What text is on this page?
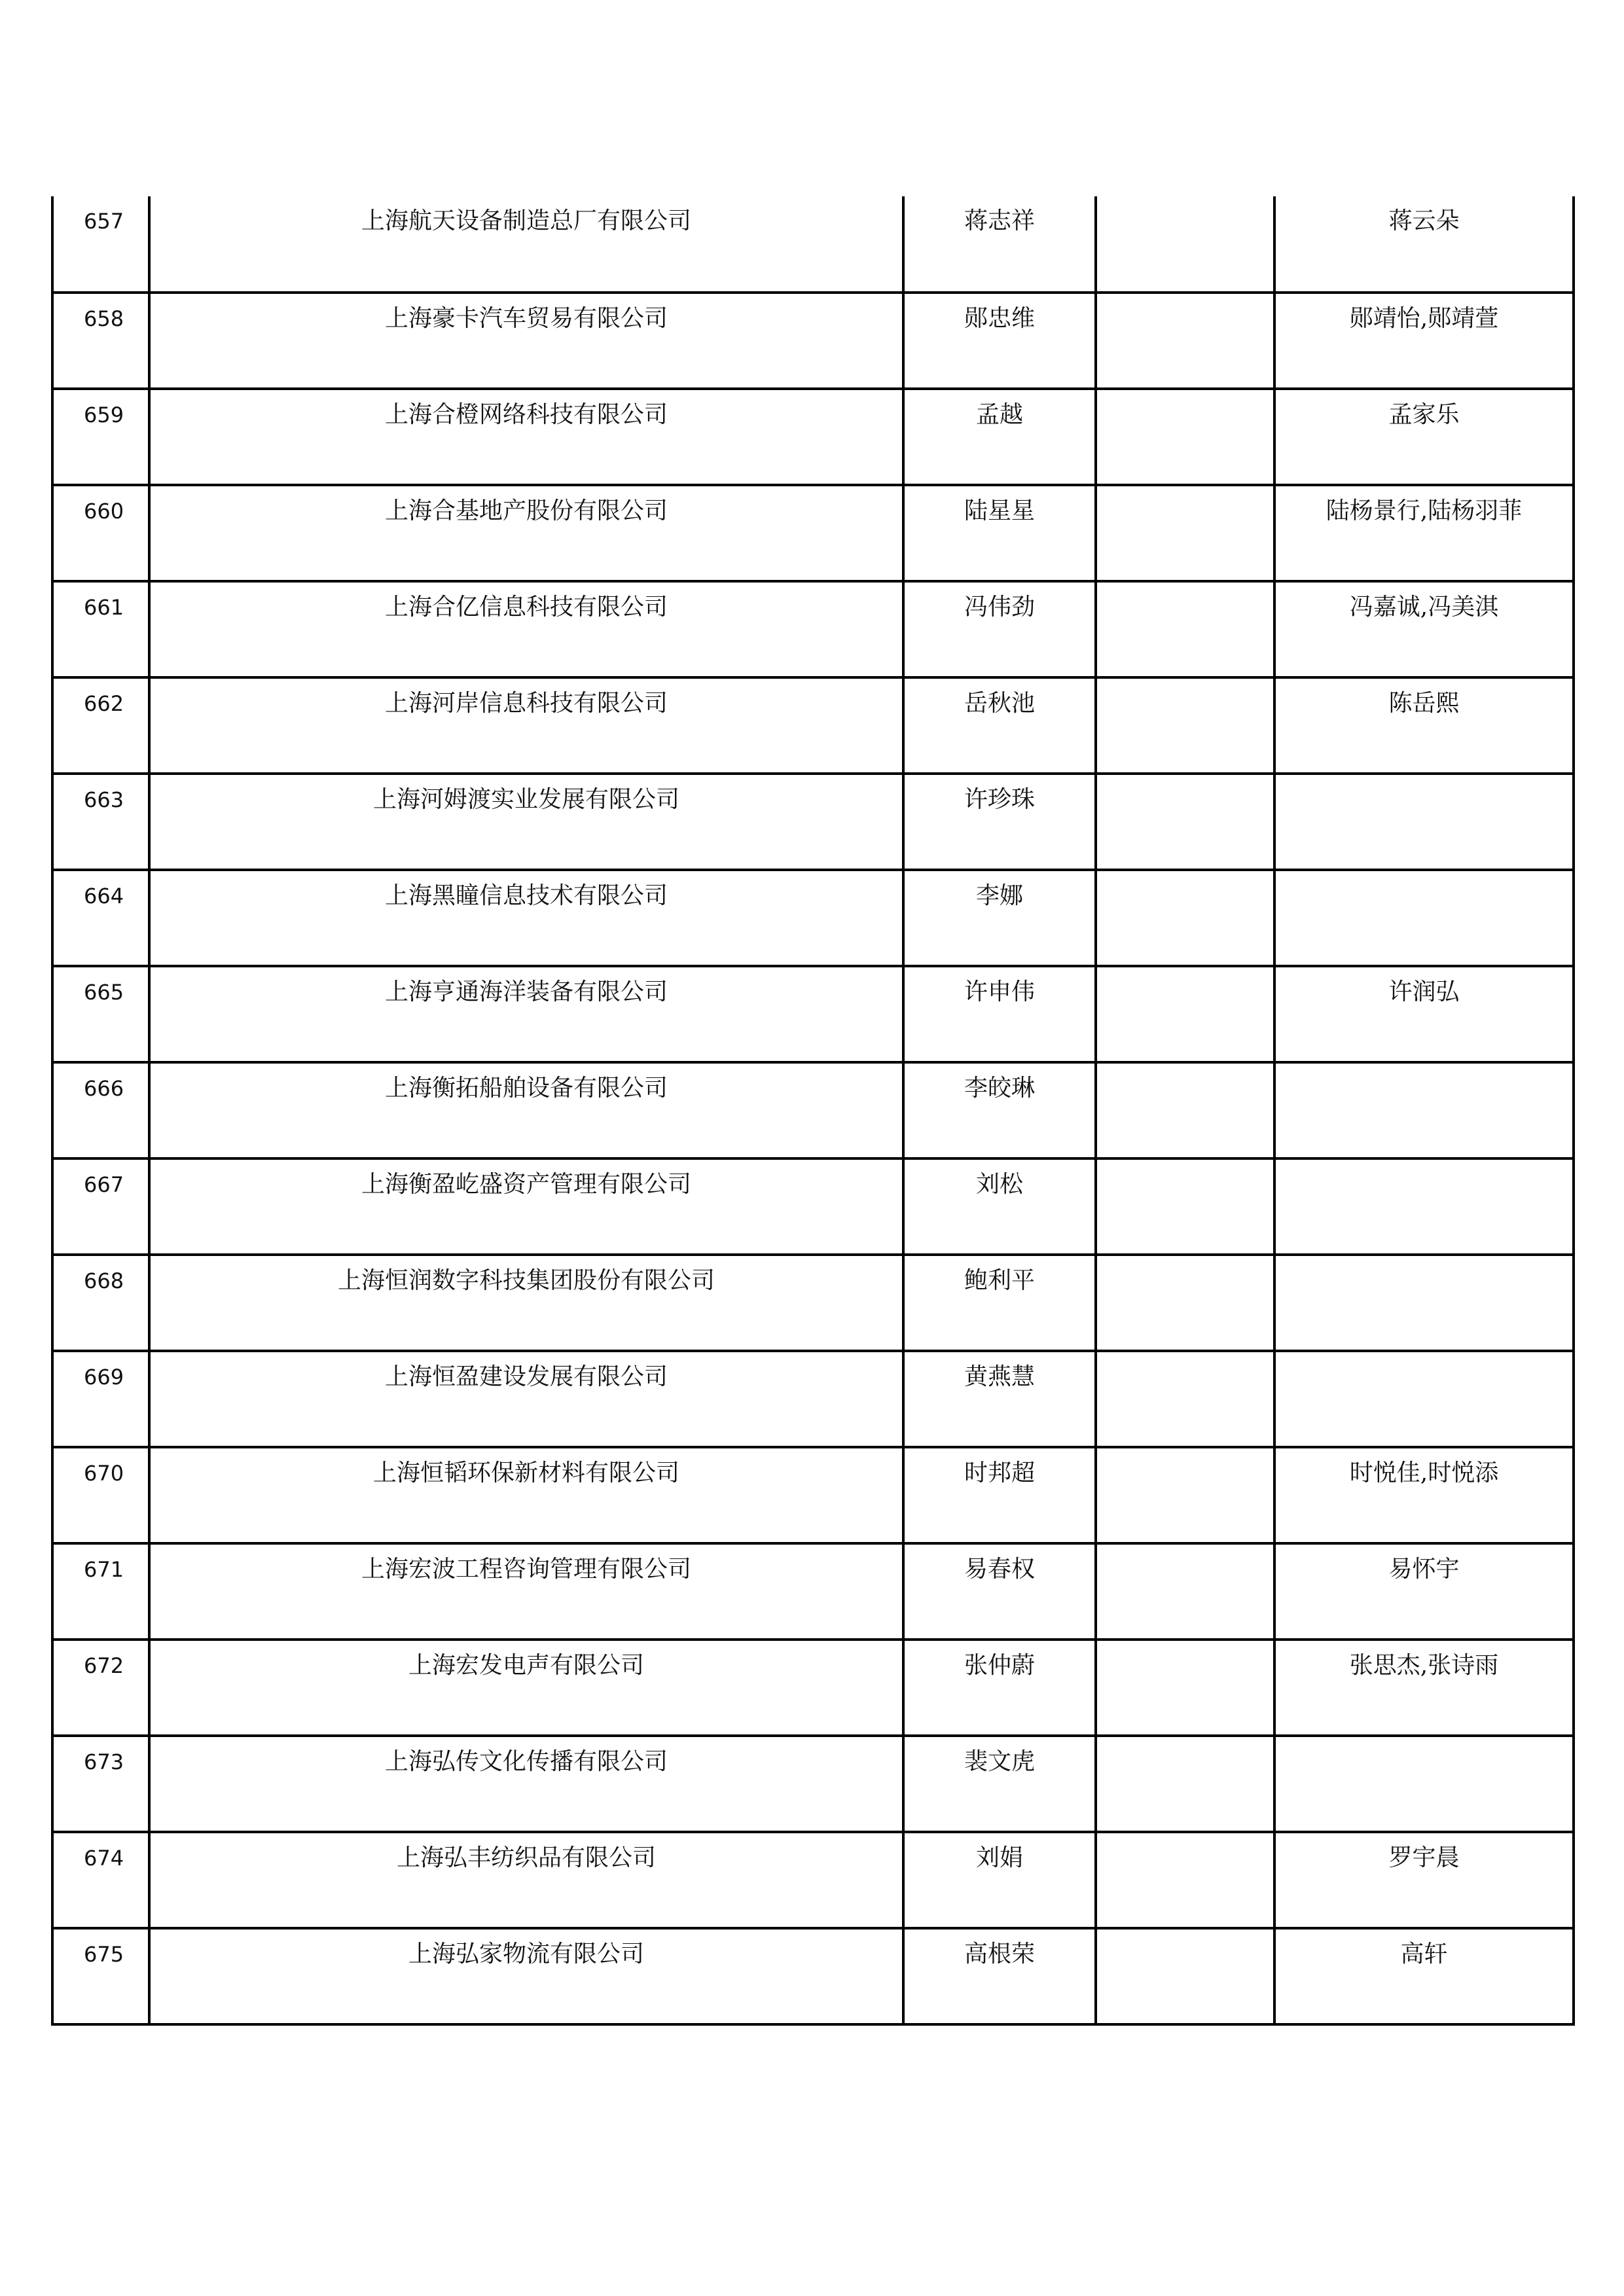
657	上海航天设备制造总厂有限公司	蒋志祥		蒋云朵
658	上海豪卡汽车贸易有限公司	郧忠维		郧靖怡,郧靖萱
659	上海合橙网络科技有限公司	孟越		孟家乐
660	上海合基地产股份有限公司	陆星星		陆杨景行,陆杨羽菲
661	上海合亿信息科技有限公司	冯伟劲		冯嘉诚,冯美淇
662	上海河岸信息科技有限公司	岳秋池		陈岳熙
663	上海河姆渡实业发展有限公司	许珍珠		
664	上海黑瞳信息技术有限公司	李娜		
665	上海亨通海洋装备有限公司	许申伟		许润弘
666	上海衡拓船舶设备有限公司	李皎琳		
667	上海衡盈屹盛资产管理有限公司	刘松		
668	上海恒润数字科技集团股份有限公司	鲍利平		
669	上海恒盈建设发展有限公司	黄燕慧		
670	上海恒韬环保新材料有限公司	时邦超		时悦佳,时悦添
671	上海宏波工程咨询管理有限公司	易春权		易怀宇
672	上海宏发电声有限公司	张仲蔚		张思杰,张诗雨
673	上海弘传文化传播有限公司	裴文虎		
674	上海弘丰纺织品有限公司	刘娟		罗宇晨
675	上海弘家物流有限公司	高根荣		高轩
